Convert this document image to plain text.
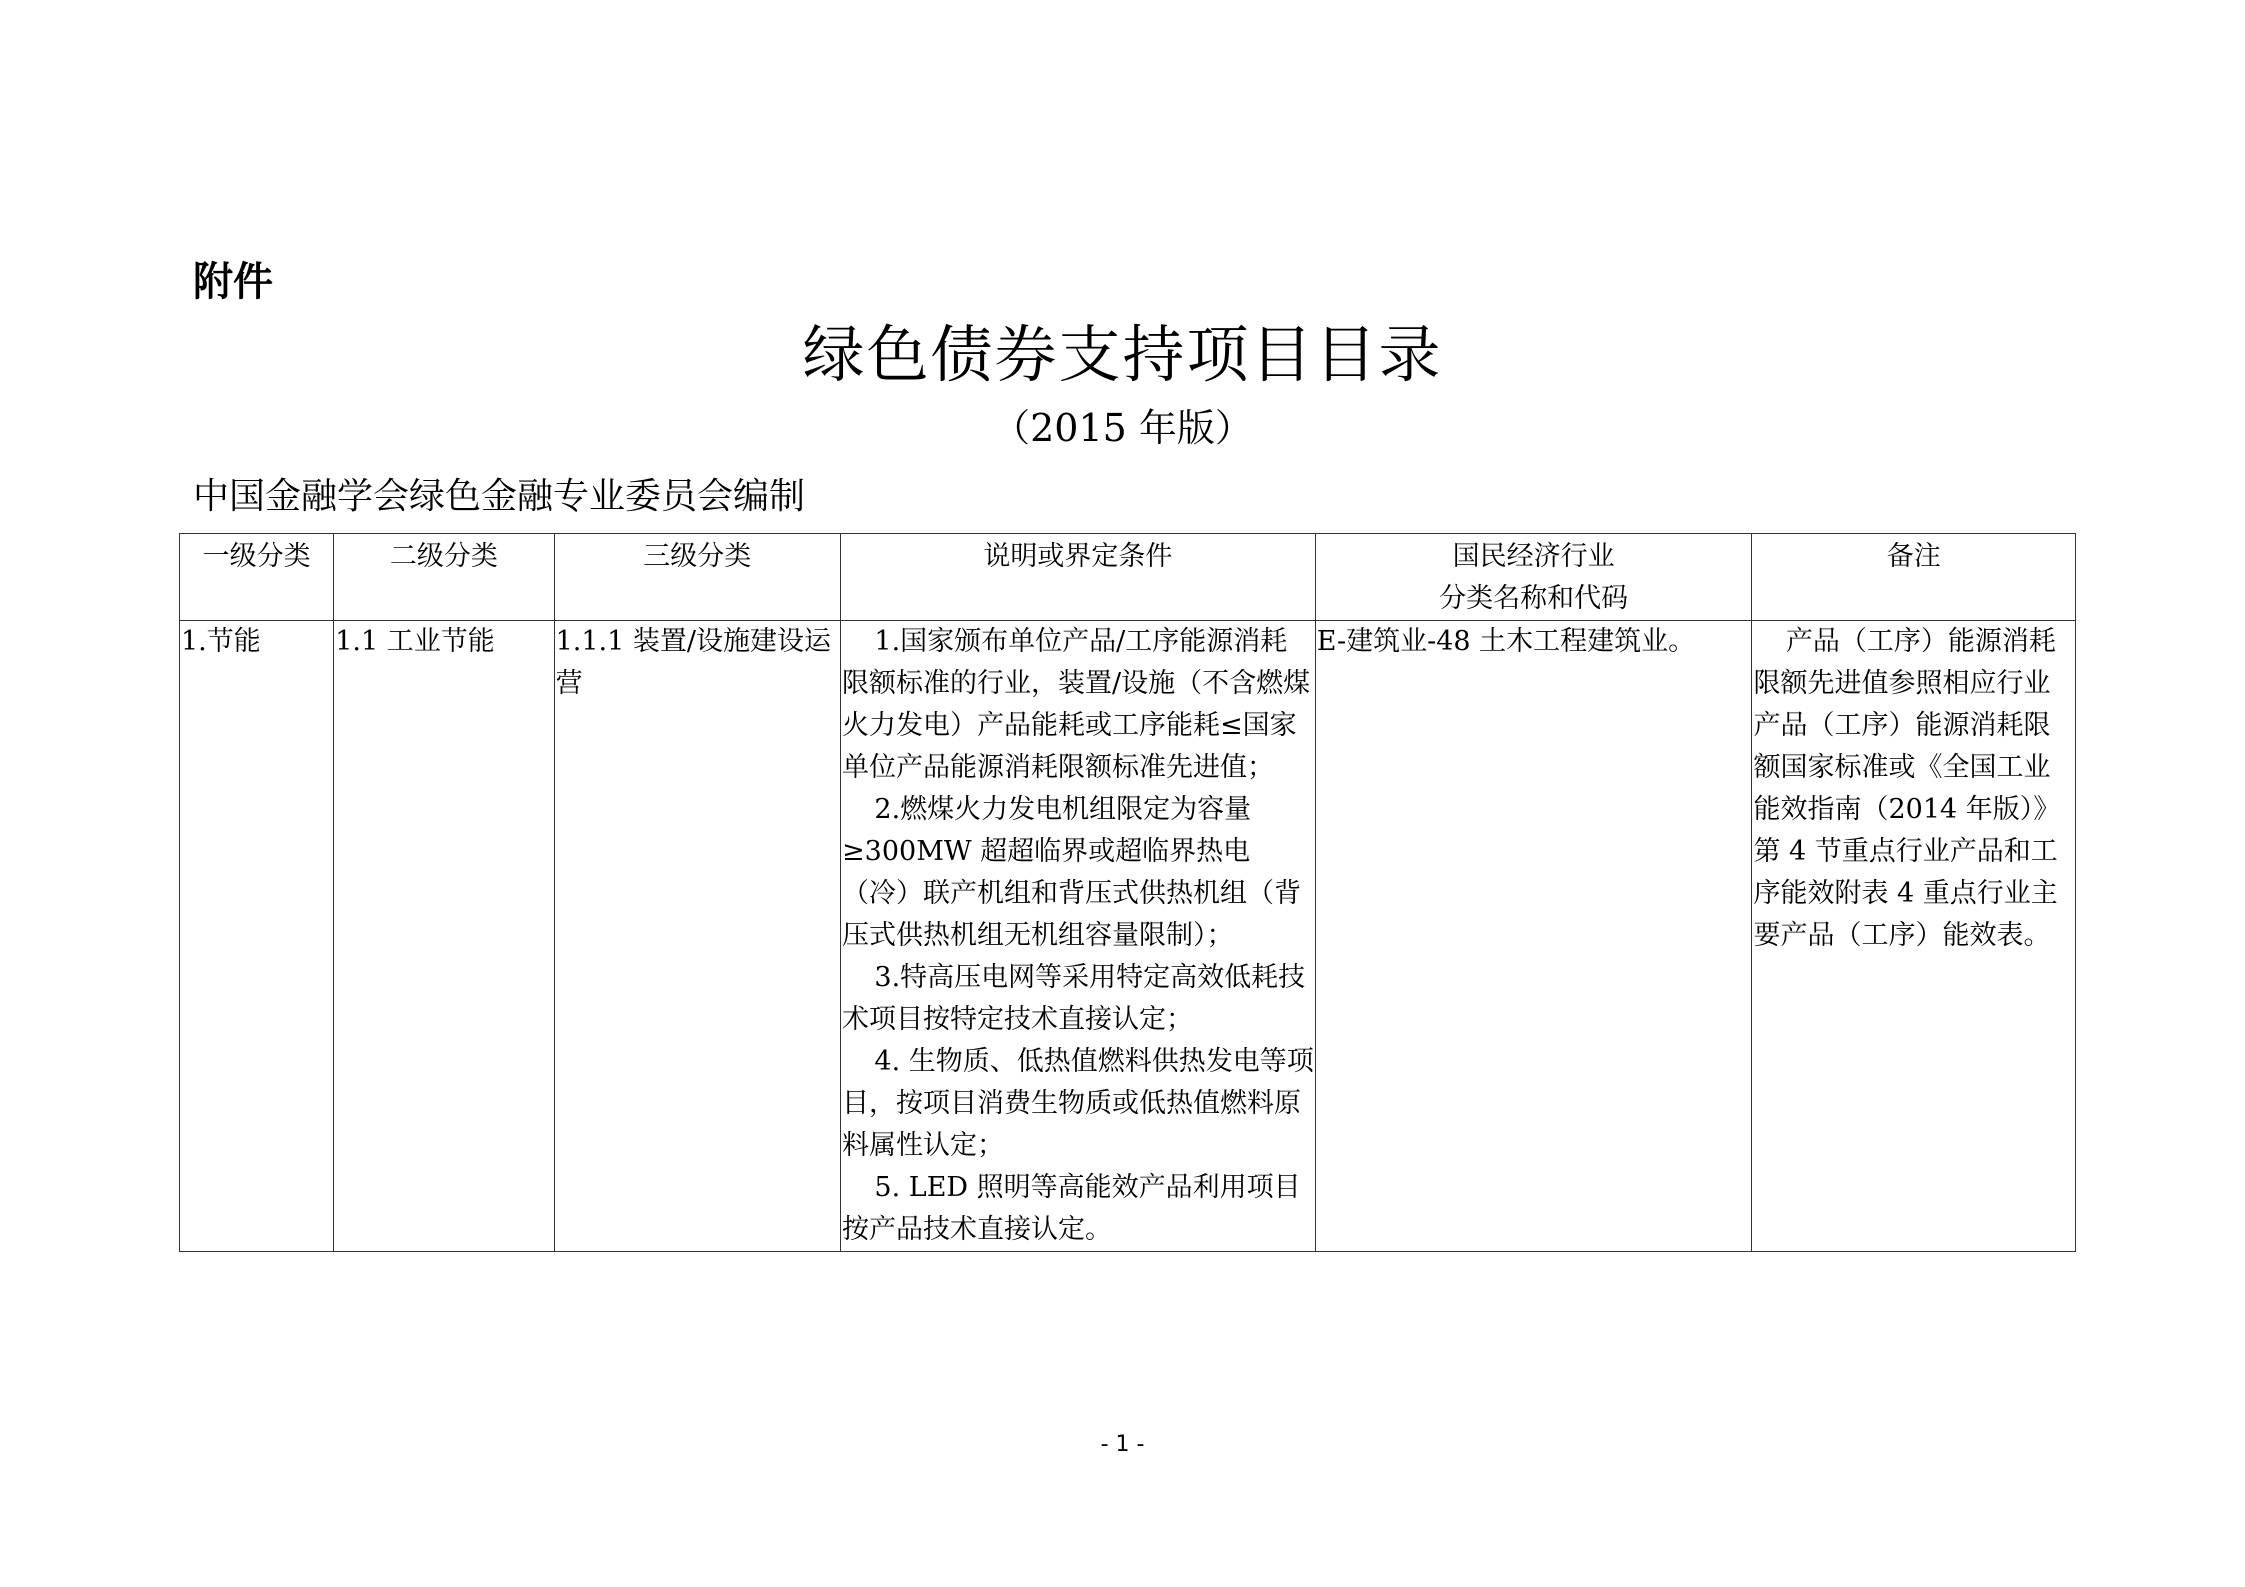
附件
绿色债券支持项目目录
（2015 年版）
中国金融学会绿色金融专业委员会编制
一级分类	二级分类	三级分类	说明或界定条件	国民经济行业
分类名称和代码	备注
1.节能	1.1 工业节能	1.1.1 装置/设施建设运营	1.国家颁布单位产品/工序能源消耗限额标准的行业，装置/设施（不含燃煤火力发电）产品能耗或工序能耗≤国家单位产品能源消耗限额标准先进值；

2.燃煤火力发电机组限定为容量≥300MW 超超临界或超临界热电（冷）联产机组和背压式供热机组（背压式供热机组无机组容量限制）；

3.特高压电网等采用特定高效低耗技术项目按特定技术直接认定；

4. 生物质、低热值燃料供热发电等项目，按项目消费生物质或低热值燃料原料属性认定；

5. LED 照明等高能效产品利用项目按产品技术直接认定。	E-建筑业-48 土木工程建筑业。	产品（工序）能源消耗限额先进值参照相应行业产品（工序）能源消耗限额国家标准或《全国工业能效指南（2014 年版）》第 4 节重点行业产品和工序能效附表 4 重点行业主要产品（工序）能效表。

- 1 -
